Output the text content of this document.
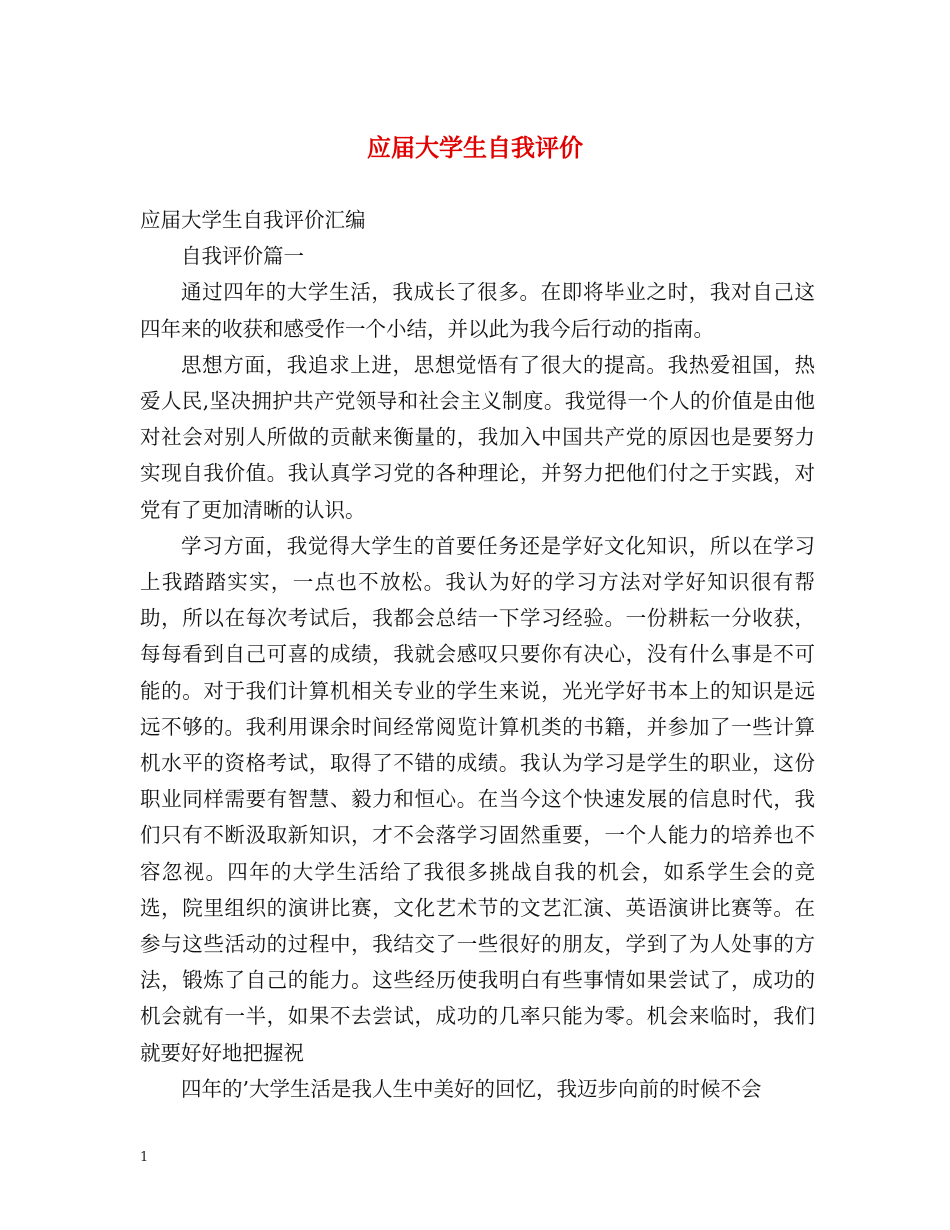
应届大学生自我评价

应届大学生自我评价汇编

自我评价篇一

通过四年的大学生活，我成长了很多。在即将毕业之时，我对自己这四年来的收获和感受作一个小结，并以此为我今后行动的指南。

思想方面，我追求上进，思想觉悟有了很大的提高。我热爱祖国，热爱人民,坚决拥护共产党领导和社会主义制度。我觉得一个人的价值是由他对社会对别人所做的贡献来衡量的，我加入中国共产党的原因也是要努力实现自我价值。我认真学习党的各种理论，并努力把他们付之于实践，对党有了更加清晰的认识。

学习方面，我觉得大学生的首要任务还是学好文化知识，所以在学习上我踏踏实实，一点也不放松。我认为好的学习方法对学好知识很有帮助，所以在每次考试后，我都会总结一下学习经验。一份耕耘一分收获，每每看到自己可喜的成绩，我就会感叹只要你有决心，没有什么事是不可能的。对于我们计算机相关专业的学生来说，光光学好书本上的知识是远远不够的。我利用课余时间经常阅览计算机类的书籍，并参加了一些计算机水平的资格考试，取得了不错的成绩。我认为学习是学生的职业，这份职业同样需要有智慧、毅力和恒心。在当今这个快速发展的信息时代，我们只有不断汲取新知识，才不会落学习固然重要，一个人能力的培养也不容忽视。四年的大学生活给了我很多挑战自我的机会，如系学生会的竞选，院里组织的演讲比赛，文化艺术节的文艺汇演、英语演讲比赛等。在参与这些活动的过程中，我结交了一些很好的朋友，学到了为人处事的方法，锻炼了自己的能力。这些经历使我明白有些事情如果尝试了，成功的机会就有一半，如果不去尝试，成功的几率只能为零。机会来临时，我们就要好好地把握祝

四年的’大学生活是我人生中美好的回忆，我迈步向前的时候不会

1
